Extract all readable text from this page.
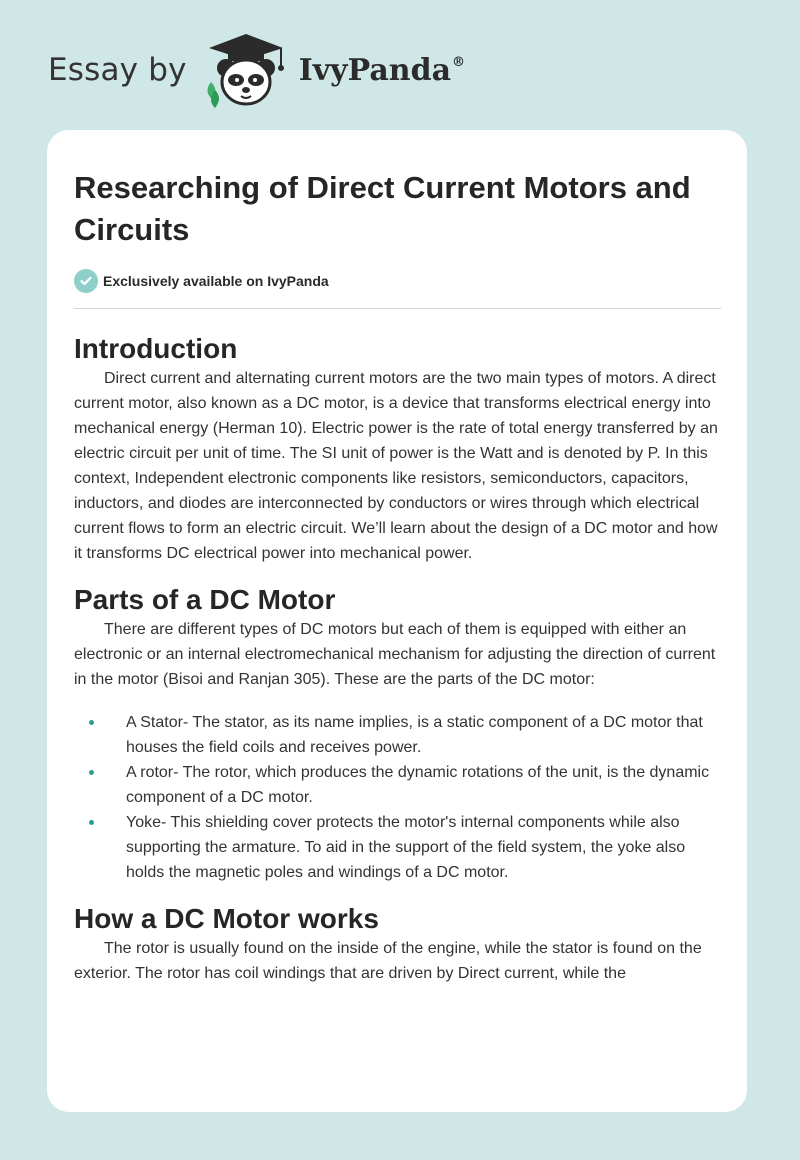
Essay by	IvyPanda®
Researching of Direct Current Motors and Circuits
Exclusively available on IvyPanda
Introduction

Direct current and alternating current motors are the two main types of motors. A direct current motor, also known as a DC motor, is a device that transforms electrical energy into mechanical energy (Herman 10). Electric power is the rate of total energy transferred by an electric circuit per unit of time. The SI unit of power is the Watt and is denoted by P. In this context, Independent electronic components like resistors, semiconductors, capacitors, inductors, and diodes are interconnected by conductors or wires through which electrical current flows to form an electric circuit. We’ll learn about the design of a DC motor and how it transforms DC electrical power into mechanical power.

Parts of a DC Motor

There are different types of DC motors but each of them is equipped with either an electronic or an internal electromechanical mechanism for adjusting the direction of current in the motor (Bisoi and Ranjan 305). These are the parts of the DC motor:

A Stator- The stator, as its name implies, is a static component of a DC motor that houses the field coils and receives power.
A rotor- The rotor, which produces the dynamic rotations of the unit, is the dynamic component of a DC motor.
Yoke- This shielding cover protects the motor's internal components while also supporting the armature. To aid in the support of the field system, the yoke also holds the magnetic poles and windings of a DC motor.
How a DC Motor works

The rotor is usually found on the inside of the engine, while the stator is found on the exterior. The rotor has coil windings that are driven by Direct current, while the
